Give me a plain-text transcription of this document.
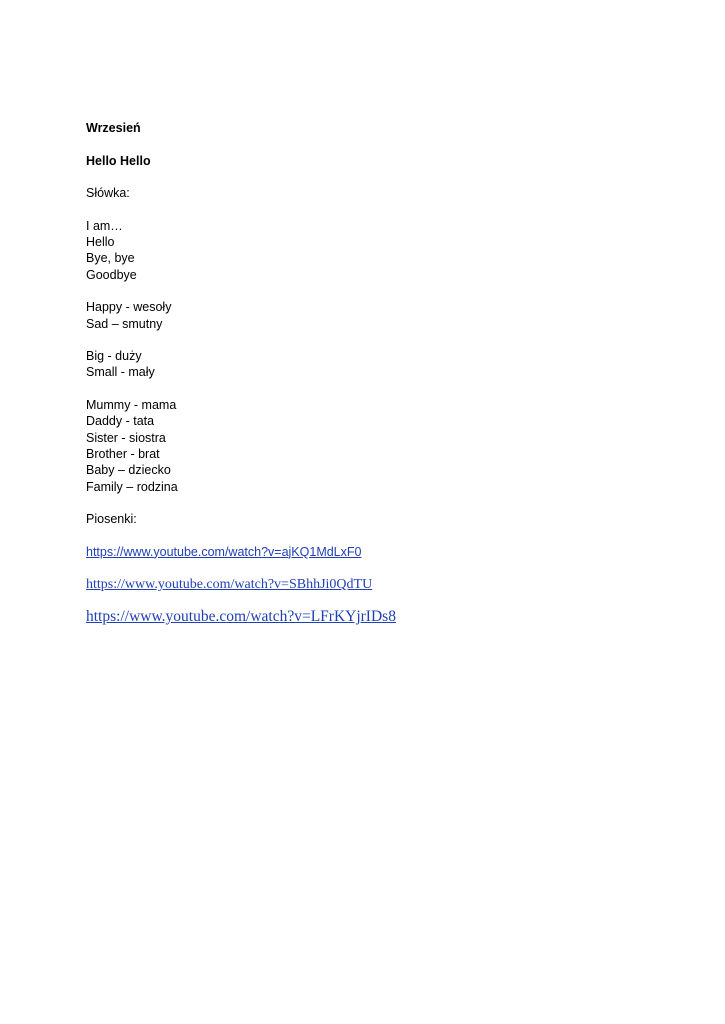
Wrzesień
Hello Hello
Słówka:
I am…
Hello
Bye, bye
Goodbye
Happy - wesoły
Sad – smutny
Big - duży
Small - mały
Mummy - mama
Daddy - tata
Sister - siostra
Brother - brat
Baby – dziecko
Family – rodzina
Piosenki:
https://www.youtube.com/watch?v=ajKQ1MdLxF0
https://www.youtube.com/watch?v=SBhhJi0QdTU
https://www.youtube.com/watch?v=LFrKYjrIDs8
